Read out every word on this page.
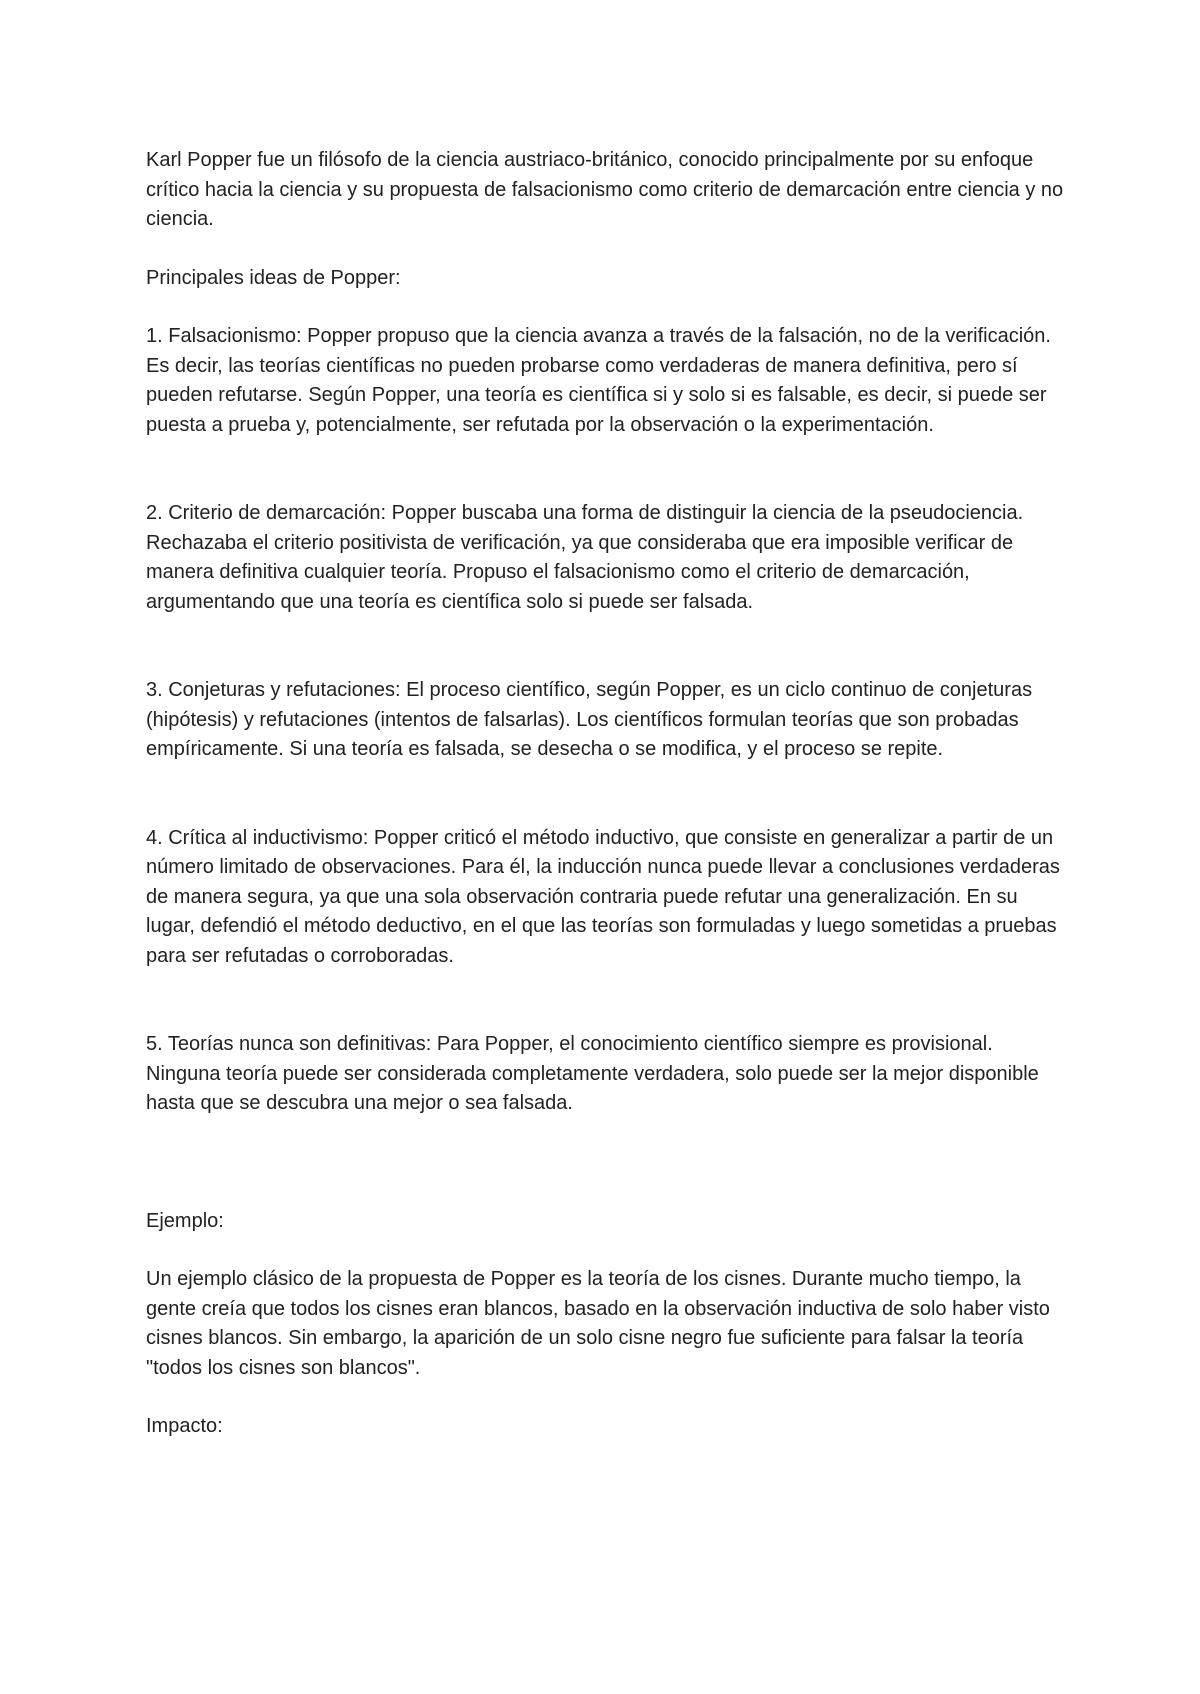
Karl Popper fue un filósofo de la ciencia austriaco-británico, conocido principalmente por su enfoque crítico hacia la ciencia y su propuesta de falsacionismo como criterio de demarcación entre ciencia y no ciencia.

Principales ideas de Popper:

1. Falsacionismo: Popper propuso que la ciencia avanza a través de la falsación, no de la verificación. Es decir, las teorías científicas no pueden probarse como verdaderas de manera definitiva, pero sí pueden refutarse. Según Popper, una teoría es científica si y solo si es falsable, es decir, si puede ser puesta a prueba y, potencialmente, ser refutada por la observación o la experimentación.

2. Criterio de demarcación: Popper buscaba una forma de distinguir la ciencia de la pseudociencia. Rechazaba el criterio positivista de verificación, ya que consideraba que era imposible verificar de manera definitiva cualquier teoría. Propuso el falsacionismo como el criterio de demarcación, argumentando que una teoría es científica solo si puede ser falsada.

3. Conjeturas y refutaciones: El proceso científico, según Popper, es un ciclo continuo de conjeturas (hipótesis) y refutaciones (intentos de falsarlas). Los científicos formulan teorías que son probadas empíricamente. Si una teoría es falsada, se desecha o se modifica, y el proceso se repite.

4. Crítica al inductivismo: Popper criticó el método inductivo, que consiste en generalizar a partir de un número limitado de observaciones. Para él, la inducción nunca puede llevar a conclusiones verdaderas de manera segura, ya que una sola observación contraria puede refutar una generalización. En su lugar, defendió el método deductivo, en el que las teorías son formuladas y luego sometidas a pruebas para ser refutadas o corroboradas.

5. Teorías nunca son definitivas: Para Popper, el conocimiento científico siempre es provisional. Ninguna teoría puede ser considerada completamente verdadera, solo puede ser la mejor disponible hasta que se descubra una mejor o sea falsada.

Ejemplo:

Un ejemplo clásico de la propuesta de Popper es la teoría de los cisnes. Durante mucho tiempo, la gente creía que todos los cisnes eran blancos, basado en la observación inductiva de solo haber visto cisnes blancos. Sin embargo, la aparición de un solo cisne negro fue suficiente para falsar la teoría "todos los cisnes son blancos".

Impacto:
